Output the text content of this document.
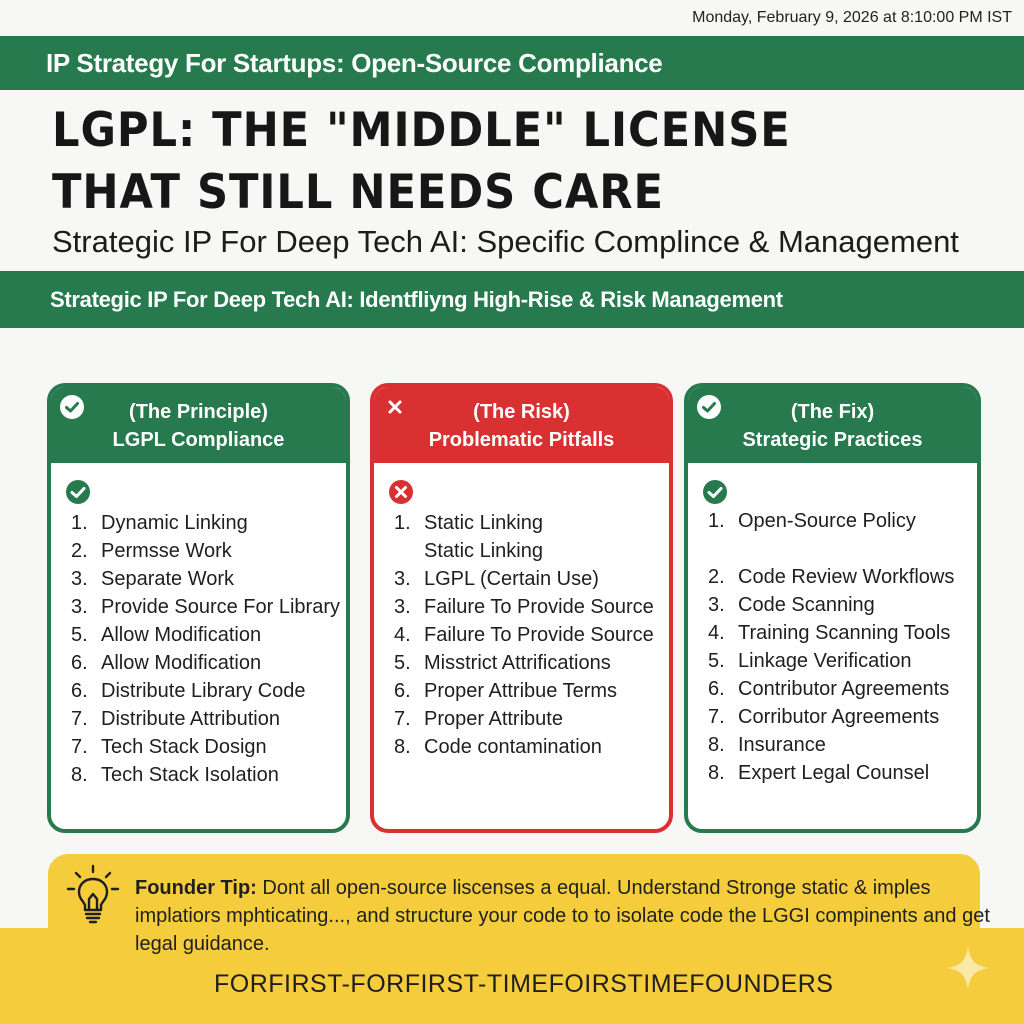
Monday, February 9, 2026 at 8:10:00 PM IST
IP Strategy For Startups: Open-Source Compliance
LGPL: THE "MIDDLE" LICENSE
THAT STILL NEEDS CARE
Strategic IP For Deep Tech AI: Specific Complince & Management
Strategic IP For Deep Tech AI: Identfliyng High-Rise & Risk Management
(The Principle)
LGPL Compliance
1. Dynamic Linking
2. Permsse Work
3. Separate Work
3. Provide Source For Library
5. Allow Modification
6. Allow Modification
6. Distribute Library Code
7. Distribute Attribution
7. Tech Stack Dosign
8. Tech Stack Isolation
(The Risk)
Problematic Pitfalls
1. Static Linking
Static Linking
3. LGPL (Certain Use)
3. Failure To Provide Source
4. Failure To Provide Source
5. Misstrict Attrifications
6. Proper Attribue Terms
7. Proper Attribute
8. Code contamination
(The Fix)
Strategic Practices
1. Open-Source Policy
2. Code Review Workflows
3. Code Scanning
4. Training Scanning Tools
5. Linkage Verification
6. Contributor Agreements
7. Corributor Agreements
8. Insurance
8. Expert Legal Counsel
Founder Tip: Dont all open-source liscenses a equal. Understand Stronge static & imples implatiors mphticating..., and structure your code to to isolate code the LGGI compinents and get legal guidance.
FORFIRST-FORFIRST-TIMEFOIRSTIMEFOUNDERS
